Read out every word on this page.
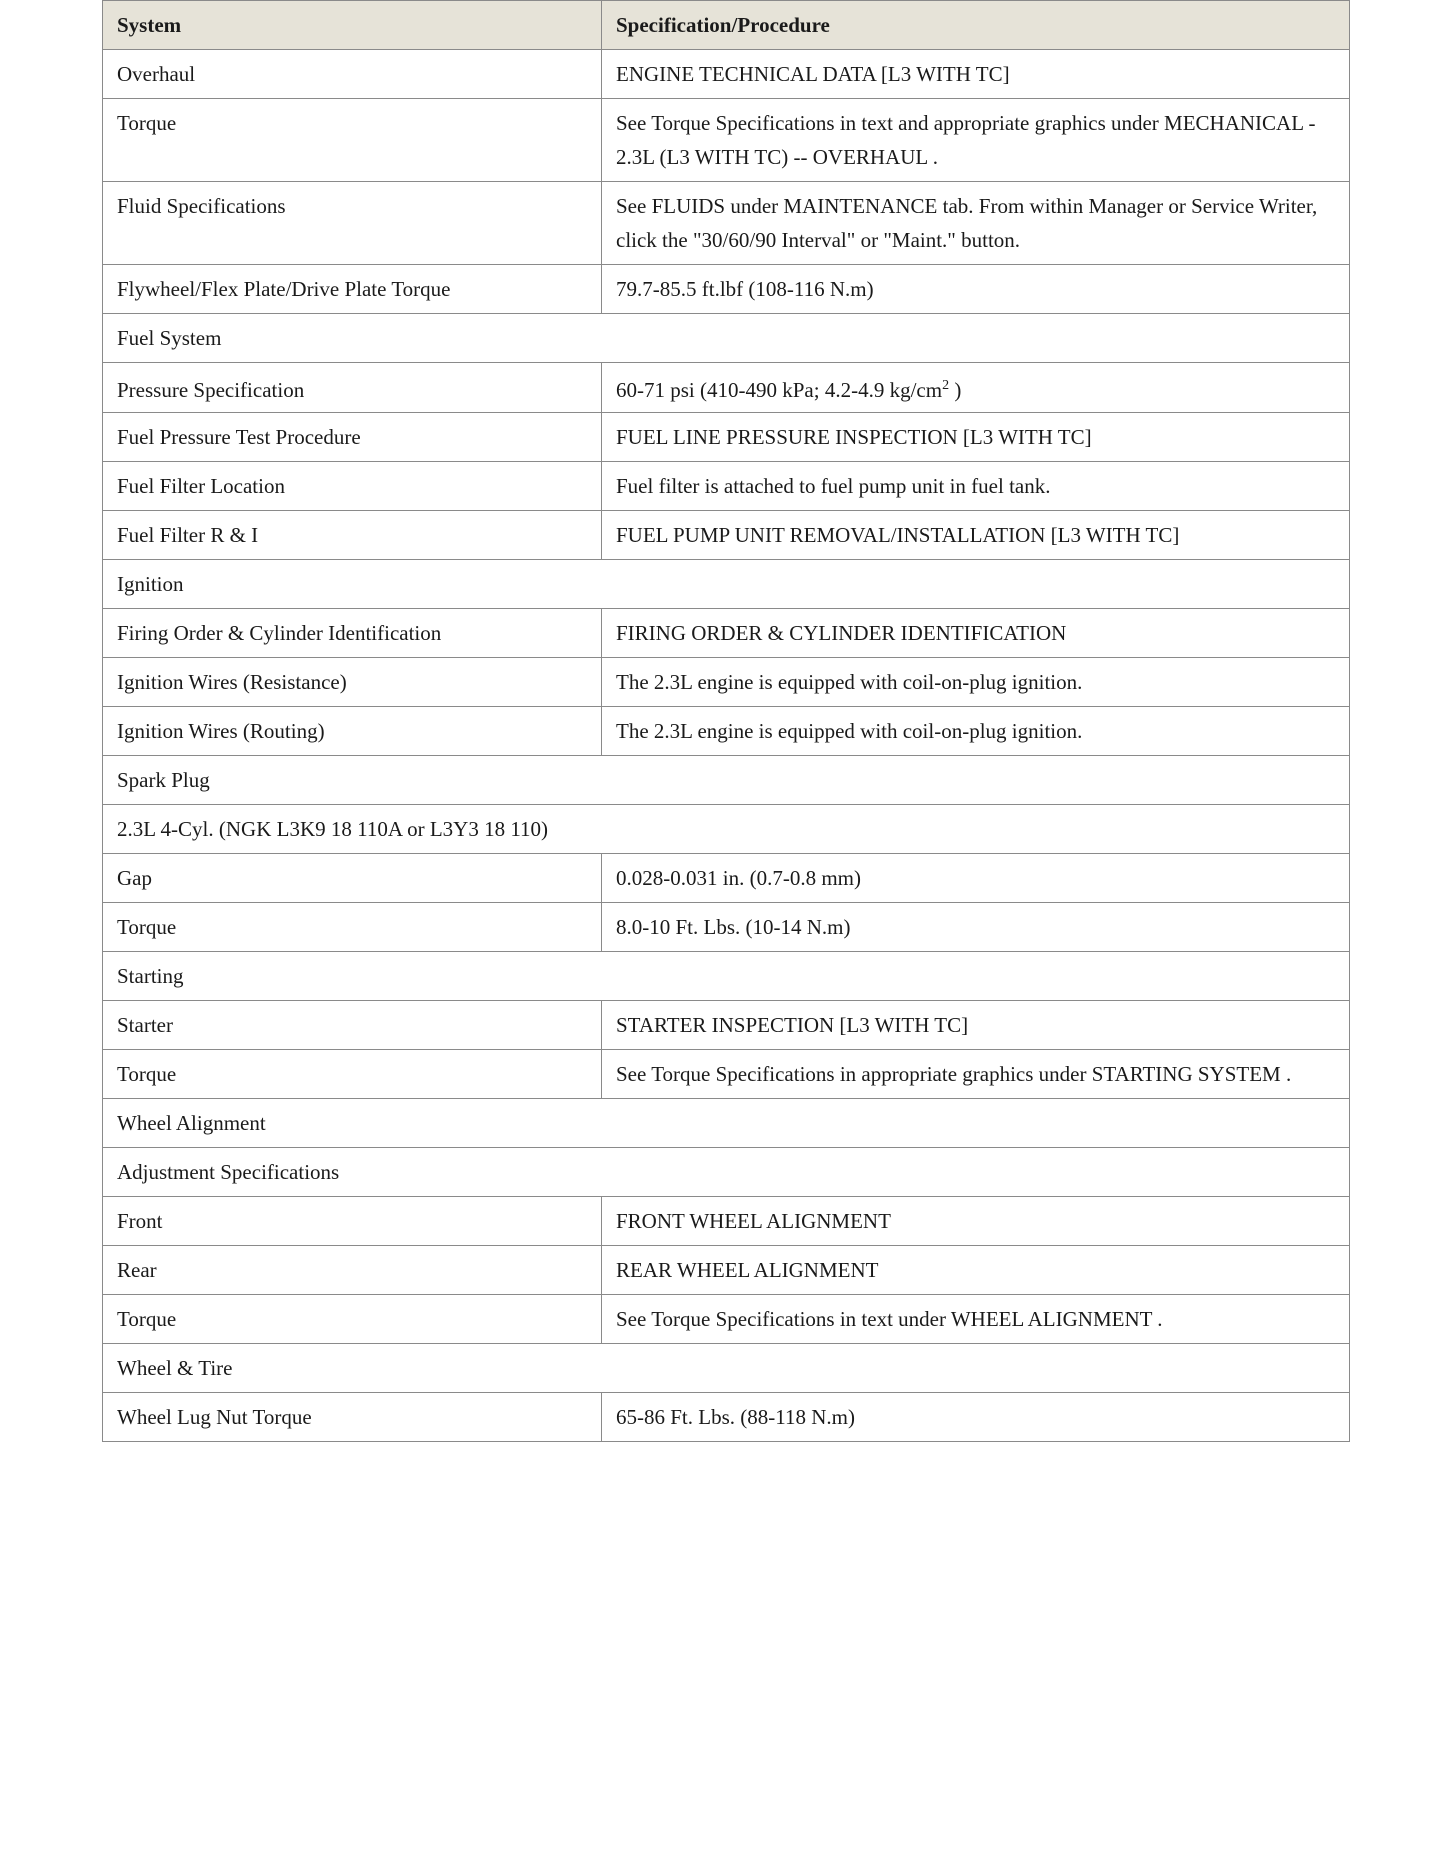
System	Specification/Procedure
Overhaul	ENGINE TECHNICAL DATA [L3 WITH TC]
Torque	See Torque Specifications in text and appropriate graphics under MECHANICAL - 2.3L (L3 WITH TC) -- OVERHAUL .
Fluid Specifications	See FLUIDS under MAINTENANCE tab. From within Manager or Service Writer, click the "30/60/90 Interval" or "Maint." button.
Flywheel/Flex Plate/Drive Plate Torque	79.7-85.5 ft.lbf (108-116 N.m)
Fuel System	
Pressure Specification	60-71 psi (410-490 kPa; 4.2-4.9 $kg/cm^2$ )
Fuel Pressure Test Procedure	FUEL LINE PRESSURE INSPECTION [L3 WITH TC]
Fuel Filter Location	Fuel filter is attached to fuel pump unit in fuel tank.
Fuel Filter R & I	FUEL PUMP UNIT REMOVAL/INSTALLATION [L3 WITH TC]
Ignition	
Firing Order & Cylinder Identification	FIRING ORDER & CYLINDER IDENTIFICATION
Ignition Wires (Resistance)	The 2.3L engine is equipped with coil-on-plug ignition.
Ignition Wires (Routing)	The 2.3L engine is equipped with coil-on-plug ignition.
Spark Plug	
2.3L 4-Cyl. (NGK L3K9 18 110A or L3Y3 18 110)	
Gap	0.028-0.031 in. (0.7-0.8 mm)
Torque	8.0-10 Ft. Lbs. (10-14 N.m)
Starting	
Starter	STARTER INSPECTION [L3 WITH TC]
Torque	See Torque Specifications in appropriate graphics under STARTING SYSTEM .
Wheel Alignment	
Adjustment Specifications	
Front	FRONT WHEEL ALIGNMENT
Rear	REAR WHEEL ALIGNMENT
Torque	See Torque Specifications in text under WHEEL ALIGNMENT .
Wheel & Tire	
Wheel Lug Nut Torque	65-86 Ft. Lbs. (88-118 N.m)
